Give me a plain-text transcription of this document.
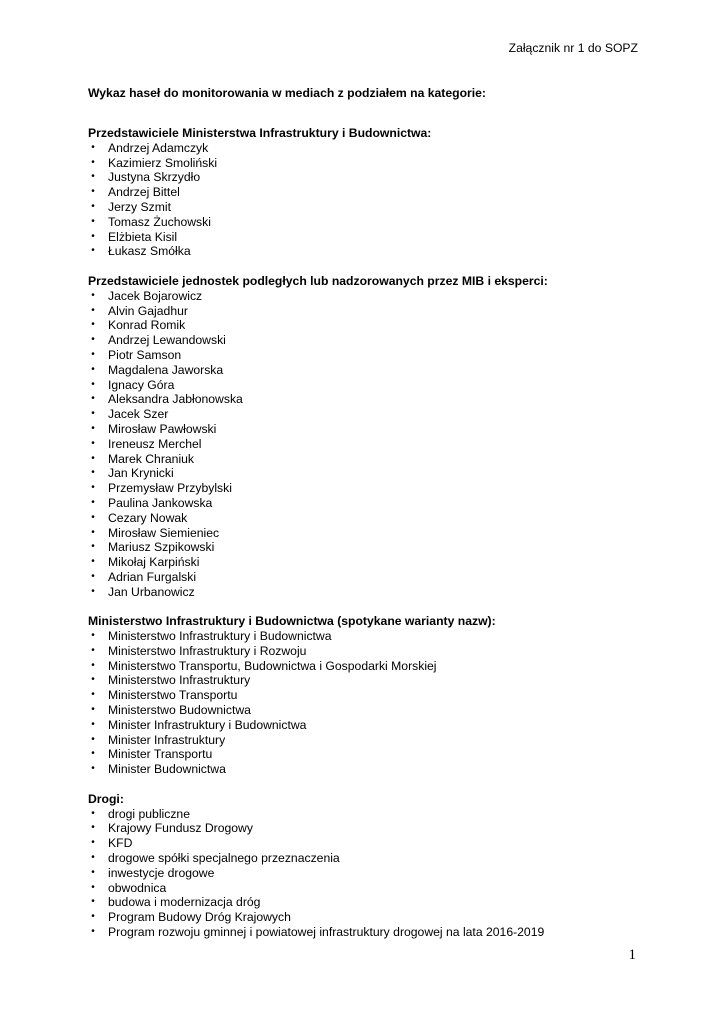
Załącznik nr 1 do SOPZ
Wykaz haseł do monitorowania w mediach z podziałem na kategorie:
Przedstawiciele Ministerstwa Infrastruktury i Budownictwa:
• Andrzej Adamczyk
• Kazimierz Smoliński
• Justyna Skrzydło
• Andrzej Bittel
• Jerzy Szmit
• Tomasz Żuchowski
• Elżbieta Kisil
• Łukasz Smółka
Przedstawiciele jednostek podległych lub nadzorowanych przez MIB i eksperci:
• Jacek Bojarowicz
• Alvin Gajadhur
• Konrad Romik
• Andrzej Lewandowski
• Piotr Samson
• Magdalena Jaworska
• Ignacy Góra
• Aleksandra Jabłonowska
• Jacek Szer
• Mirosław Pawłowski
• Ireneusz Merchel
• Marek Chraniuk
• Jan Krynicki
• Przemysław Przybylski
• Paulina Jankowska
• Cezary Nowak
• Mirosław Siemieniec
• Mariusz Szpikowski
• Mikołaj Karpiński
• Adrian Furgalski
• Jan Urbanowicz
Ministerstwo Infrastruktury i Budownictwa (spotykane warianty nazw):
• Ministerstwo Infrastruktury i Budownictwa
• Ministerstwo Infrastruktury i Rozwoju
• Ministerstwo Transportu, Budownictwa i Gospodarki Morskiej
• Ministerstwo Infrastruktury
• Ministerstwo Transportu
• Ministerstwo Budownictwa
• Minister Infrastruktury i Budownictwa
• Minister Infrastruktury
• Minister Transportu
• Minister Budownictwa
Drogi:
• drogi publiczne
• Krajowy Fundusz Drogowy
• KFD
• drogowe spółki specjalnego przeznaczenia
• inwestycje drogowe
• obwodnica
• budowa i modernizacja dróg
• Program Budowy Dróg Krajowych
• Program rozwoju gminnej i powiatowej infrastruktury drogowej na lata 2016-2019
1
